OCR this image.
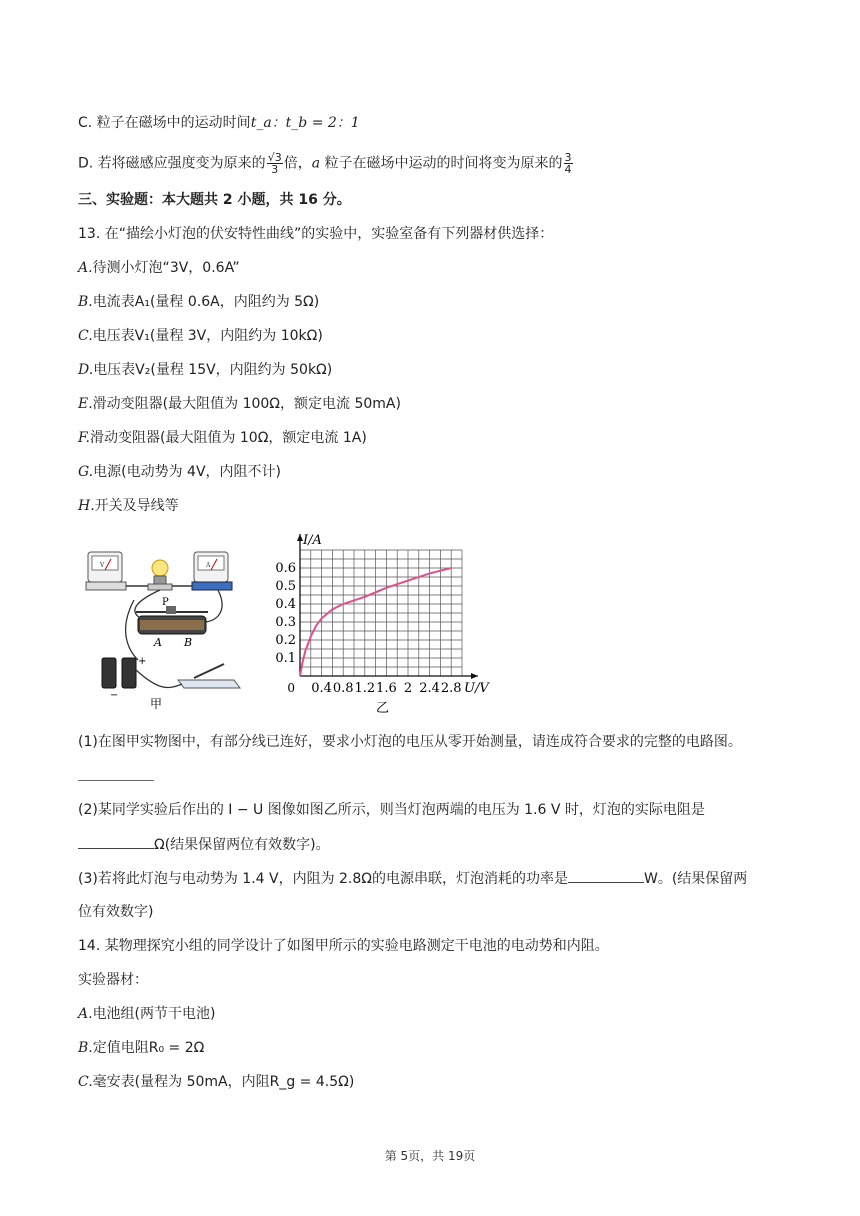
C. 粒子在磁场中的运动时间t_a：t_b = 2：1
D. 若将磁感应强度变为原来的 $\frac{√3}{3}$ 倍，a 粒子在磁场中运动的时间将变为原来的 $\frac{3}{4}$
三、实验题：本大题共 2 小题，共 16 分。
13. 在“描绘小灯泡的伏安特性曲线”的实验中，实验室备有下列器材供选择：
A.待测小灯泡“3V，0.6A”
B.电流表A₁(量程 0.6A，内阻约为 5Ω)
C.电压表V₁(量程 3V，内阻约为 10kΩ)
D.电压表V₂(量程 15V，内阻约为 50kΩ)
E.滑动变阻器(最大阻值为 100Ω，额定电流 50mA)
F.滑动变阻器(最大阻值为 10Ω，额定电流 1A)
G.电源(电动势为 4V，内阻不计)
H.开关及导线等
V	A
P
A B
+
−
甲
0.4 0.8 1.2 1.6 2 2.4 2.8
0.1
0.2
0.3
0.4
0.5
0.6
I/A
U/V
0
乙
(1)在图甲实物图中，有部分线已连好，要求小灯泡的电压从零开始测量，请连成符合要求的完整的电路图。
(2)某同学实验后作出的 I − U 图像如图乙所示，则当灯泡两端的电压为 1.6 V 时，灯泡的实际电阻是
Ω(结果保留两位有效数字)。
(3)若将此灯泡与电动势为 1.4 V，内阻为 2.8Ω的电源串联，灯泡消耗的功率是	W。(结果保留两
位有效数字)
14. 某物理探究小组的同学设计了如图甲所示的实验电路测定干电池的电动势和内阻。
实验器材：
A.电池组(两节干电池)
B.定值电阻R₀ = 2Ω
C.毫安表(量程为 50mA，内阻R_g = 4.5Ω)
第 5页，共 19页
